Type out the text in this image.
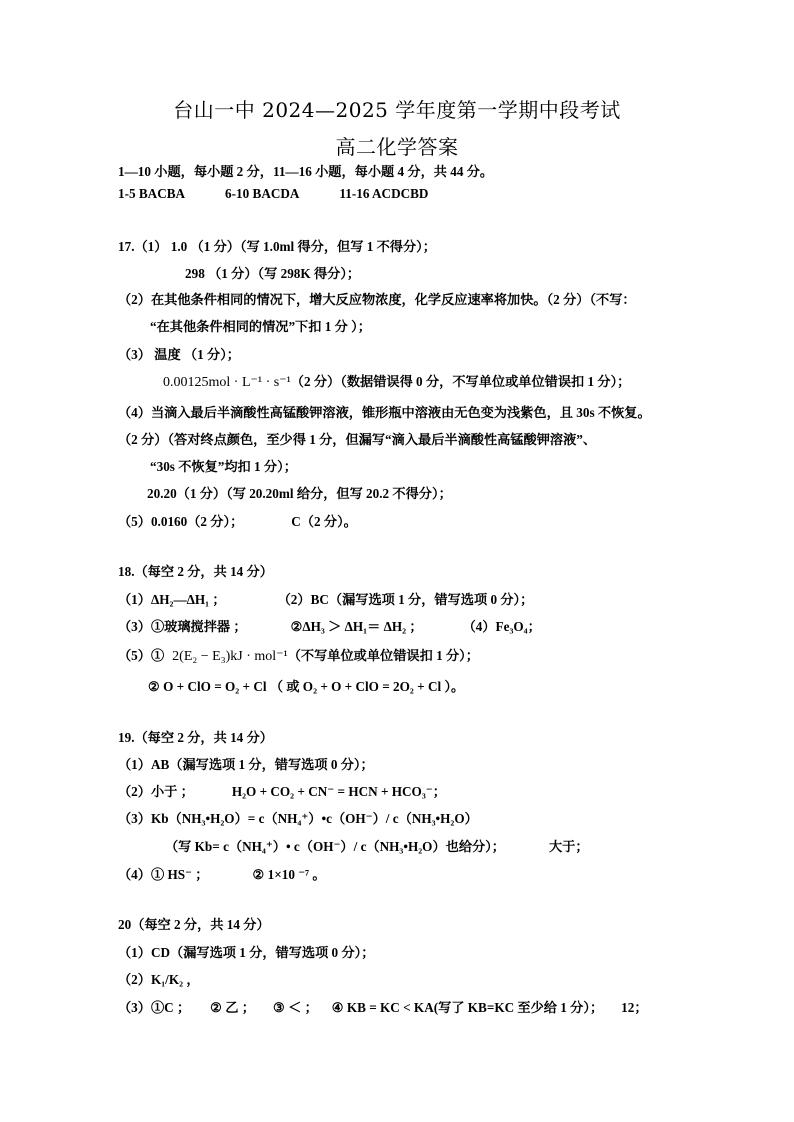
台山一中 2024—2025 学年度第一学期中段考试
高二化学答案
1—10 小题，每小题 2 分，11—16 小题，每小题 4 分，共 44 分。
1-5 BACBA	6-10 BACDA	11-16 ACDCBD
17.（1） 1.0 （1 分）（写 1.0ml 得分，但写 1 不得分）；
298 （1 分）（写 298K 得分）；
（2）在其他条件相同的情况下，增大反应物浓度，化学反应速率将加快。（2 分）（不写：
“在其他条件相同的情况”下扣 1 分 ）；
（3） 温度 （1 分）；
0.00125mol · L⁻¹ · s⁻¹（2 分）（数据错误得 0 分，不写单位或单位错误扣 1 分）；
（4）当滴入最后半滴酸性高锰酸钾溶液，锥形瓶中溶液由无色变为浅紫色，且 30s 不恢复。
（2 分）（答对终点颜色，至少得 1 分，但漏写“滴入最后半滴酸性高锰酸钾溶液”、
“30s 不恢复”均扣 1 分）；
20.20（1 分）（写 20.20ml 给分，但写 20.2 不得分）；
（5）0.0160（2 分）；	C（2 分）。
18.（每空 2 分，共 14 分）
（1）ΔH₂—ΔH₁ ；	（2）BC（漏写选项 1 分，错写选项 0 分）；
（3）①玻璃搅拌器 ；	②ΔH₃ ＞ ΔH₁＝ ΔH₂ ；	（4）Fe₃O₄；
（5）① 2(E₂ − E₃)kJ · mol⁻¹（不写单位或单位错误扣 1 分）；
② O + ClO = O₂ + Cl （ 或 O₂ + O + ClO = 2O₂ + Cl ）。
19.（每空 2 分，共 14 分）
（1）AB（漏写选项 1 分，错写选项 0 分）；
（2）小于 ；	H₂O + CO₂ + CN⁻ = HCN + HCO₃⁻；
（3）Kb（NH₃•H₂O）= c（NH₄⁺）•c（OH⁻）/ c（NH₃•H₂O）
（写 Kb= c（NH₄⁺）• c（OH⁻）/ c（NH₃•H₂O）也给分）；	大于；
（4）① HS⁻ ；	② 1×10 ⁻⁷ 。
20（每空 2 分，共 14 分）
（1）CD（漏写选项 1 分，错写选项 0 分）；
（2）K₁/K₂ ，
（3）①C ； ② 乙 ； ③ ＜ ； ④ KB = KC < KA(写了 KB=KC 至少给 1 分）； 12；
